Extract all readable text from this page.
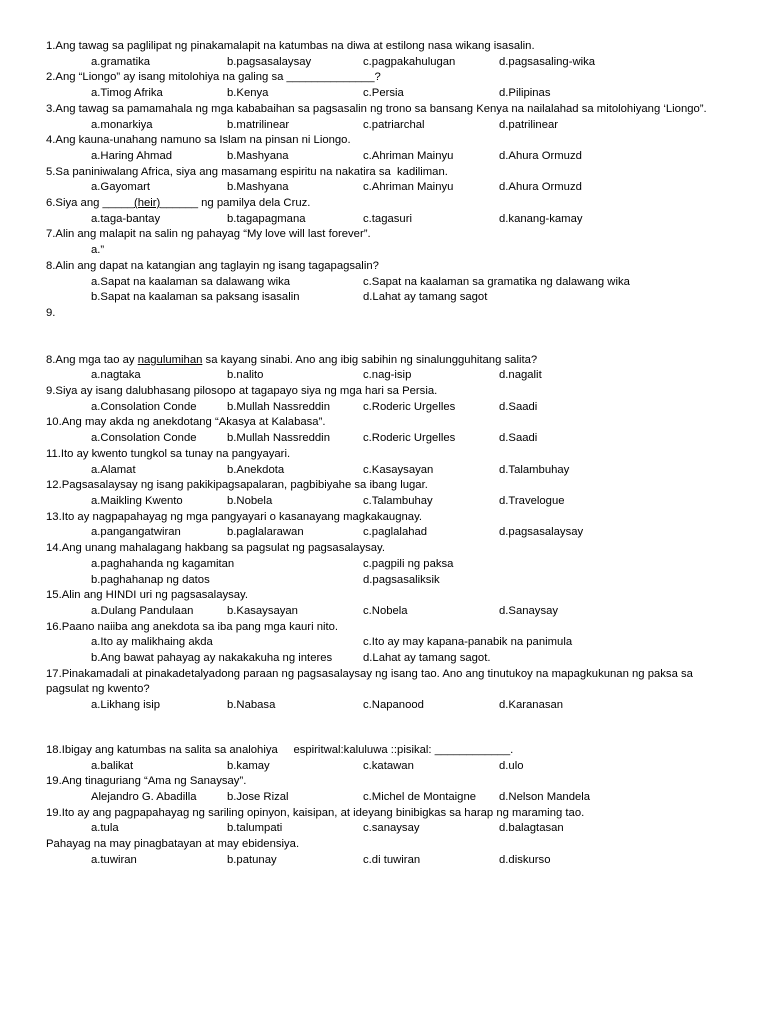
1.Ang tawag sa paglilipat ng pinakamalapit na katumbas na diwa at estilong nasa wikang isasalin.
a.gramatika	b.pagsasalaysay	c.pagpakahulugan	d.pagsasaling-wika
2.Ang “Liongo” ay isang mitolohiya na galing sa ______________?
a.Timog Afrika	b.Kenya	c.Persia	d.Pilipinas
3.Ang tawag sa pamamahala ng mga kababaihan sa pagsasalin ng trono sa bansang Kenya na nailalahad sa mitolohiyang ‘Liongo”.
a.monarkiya	b.matrilinear	c.patriarchal	d.patrilinear
4.Ang kauna-unahang namuno sa Islam na pinsan ni Liongo.
a.Haring Ahmad	b.Mashyana	c.Ahriman Mainyu	d.Ahura Ormuzd
5.Sa paniniwalang Africa, siya ang masamang espiritu na nakatira sa  kadiliman.
a.Gayomart	b.Mashyana	c.Ahriman Mainyu	d.Ahura Ormuzd
6.Siya ang _____(heir)______ ng pamilya dela Cruz.
a.taga-bantay	b.tagapagmana	c.tagasuri	d.kanang-kamay
7.Alin ang malapit na salin ng pahayag “My love will last forever”.
a.”
8.Alin ang dapat na katangian ang taglayin ng isang tagapagsalin?
a.Sapat na kaalaman sa dalawang wika	c.Sapat na kaalaman sa gramatika ng dalawang wika
b.Sapat na kaalaman sa paksang isasalin	d.Lahat ay tamang sagot
9.
8.Ang mga tao ay nagulumihan sa kayang sinabi. Ano ang ibig sabihin ng sinalungguhitang salita?
a.nagtaka	b.nalito	c.nag-isip	d.nagalit
9.Siya ay isang dalubhasang pilosopo at tagapayo siya ng mga hari sa Persia.
a.Consolation Conde	b.Mullah Nassreddin	c.Roderic Urgelles	d.Saadi
10.Ang may akda ng anekdotang “Akasya at Kalabasa”.
a.Consolation Conde	b.Mullah Nassreddin	c.Roderic Urgelles	d.Saadi
11.Ito ay kwento tungkol sa tunay na pangyayari.
a.Alamat	b.Anekdota	c.Kasaysayan	d.Talambuhay
12.Pagsasalaysay ng isang pakikipagsapalaran, pagbibiyahe sa ibang lugar.
a.Maikling Kwento	b.Nobela	c.Talambuhay	d.Travelogue
13.Ito ay nagpapahayag ng mga pangyayari o kasanayang magkakaugnay.
a.pangangatwiran	b.paglalarawan	c.paglalahad	d.pagsasalaysay
14.Ang unang mahalagang hakbang sa pagsulat ng pagsasalaysay.
a.paghahanda ng kagamitan	c.pagpili ng paksa
b.paghahanap ng datos	d.pagsasaliksik
15.Alin ang HINDI uri ng pagsasalaysay.
a.Dulang Pandulaan	b.Kasaysayan	c.Nobela	d.Sanaysay
16.Paano naiiba ang anekdota sa iba pang mga kauri nito.
a.Ito ay malikhaing akda	c.Ito ay may kapana-panabik na panimula
b.Ang bawat pahayag ay nakakakuha ng interes	d.Lahat ay tamang sagot.
17.Pinakamadali at pinakadetalyadong paraan ng pagsasalaysay ng isang tao. Ano ang tinutukoy na mapagkukunan ng paksa sa pagsulat ng kwento?
a.Likhang isip	b.Nabasa	c.Napanood	d.Karanasan
18.Ibigay ang katumbas na salita sa analohiya     espiritwal:kaluluwa ::pisikal: ____________.
a.balikat	b.kamay	c.katawan	d.ulo
19.Ang tinaguriang “Ama ng Sanaysay”.
Alejandro G. Abadilla	b.Jose Rizal	c.Michel de Montaigne	d.Nelson Mandela
19.Ito ay ang pagpapahayag ng sariling opinyon, kaisipan, at ideyang binibigkas sa harap ng maraming tao.
a.tula	b.talumpati	c.sanaysay	d.balagtasan
Pahayag na may pinagbatayan at may ebidensiya.
a.tuwiran	b.patunay	c.di tuwiran	d.diskurso
